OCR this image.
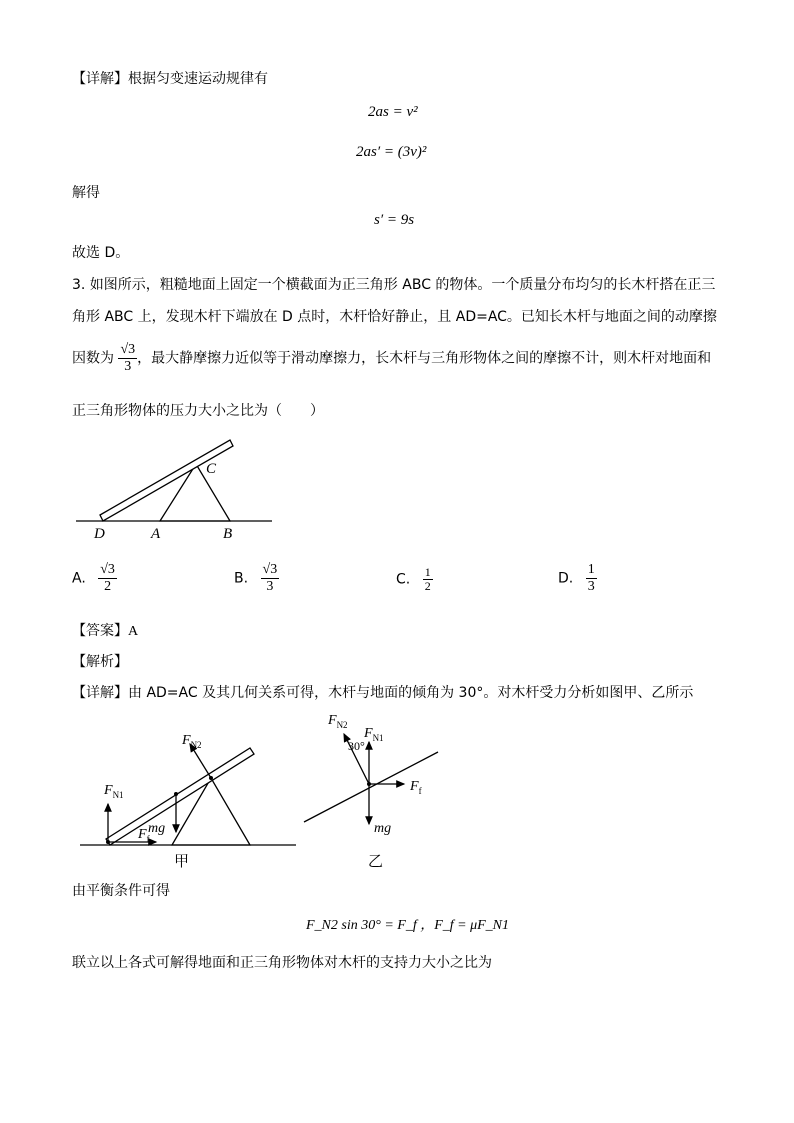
【详解】根据匀变速运动规律有
2as = v²
2as′ = (3v)²
解得
s′ = 9s
故选 D。
3. 如图所示，粗糙地面上固定一个横截面为正三角形 ABC 的物体。一个质量分布均匀的长木杆搭在正三
角形 ABC 上，发现木杆下端放在 D 点时，木杆恰好静止，且 AD=AC。已知长木杆与地面之间的动摩擦
因数为 $\frac{√3}{3}$ ，最大静摩擦力近似等于滑动摩擦力，长木杆与三角形物体之间的摩擦不计，则木杆对地面和
正三角形物体的压力大小之比为（　　）
C
D	A	B
A. $\frac{√3}{2}$	B. $\frac{√3}{3}$	C. $\frac{1}{2}$	D. $\frac{1}{3}$
【答案】A
【解析】
【详解】由 AD=AC 及其几何关系可得，木杆与地面的倾角为 30°。对木杆受力分析如图甲、乙所示
$F_{N2}$
$F_{N1}$
mg
$F_f$
甲
$F_{N2}$
30°
$F_{N1}$
$F_f$
mg
乙
由平衡条件可得
F_N2 sin 30° = F_f ，F_f = μF_N1
联立以上各式可解得地面和正三角形物体对木杆的支持力大小之比为
